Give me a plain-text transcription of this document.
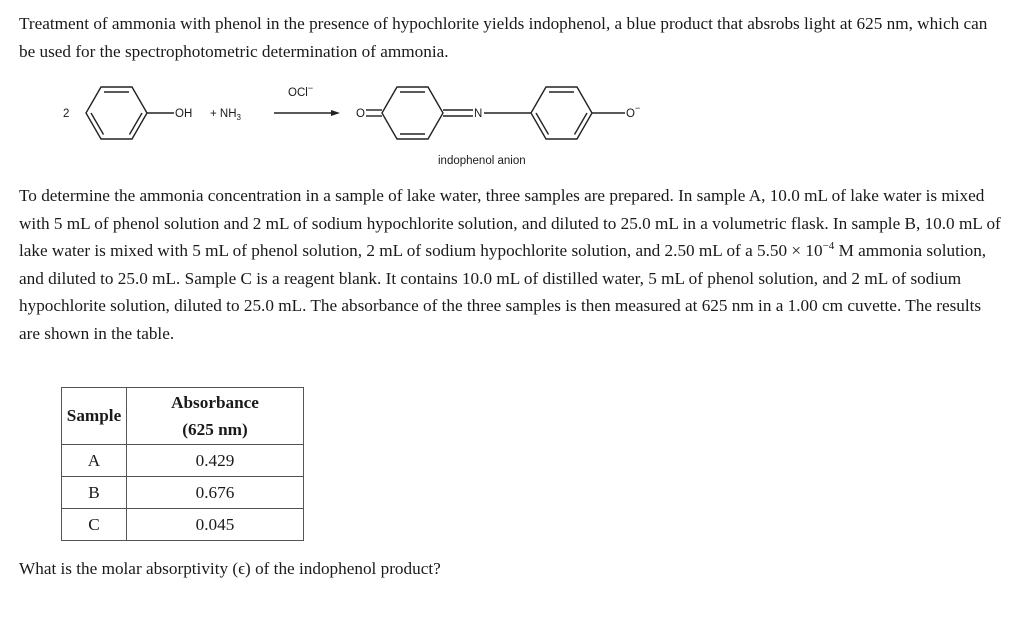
Treatment of ammonia with phenol in the presence of hypochlorite yields indophenol, a blue product that absrobs light at 625 nm, which can be used for the spectrophotometric determination of ammonia.

2	OH + $NH_3$
OCl−
O	N	O−
indophenol anion

To determine the ammonia concentration in a sample of lake water, three samples are prepared. In sample A, 10.0 mL of lake water is mixed with 5 mL of phenol solution and 2 mL of sodium hypochlorite solution, and diluted to 25.0 mL in a volumetric flask. In sample B, 10.0 mL of lake water is mixed with 5 mL of phenol solution, 2 mL of sodium hypochlorite solution, and 2.50 mL of a $5.50 \times 10^{-4}$ M ammonia solution, and diluted to 25.0 mL. Sample C is a reagent blank. It contains 10.0 mL of distilled water, 5 mL of phenol solution, and 2 mL of sodium hypochlorite solution, diluted to 25.0 mL. The absorbance of the three samples is then measured at 625 nm in a 1.00 cm cuvette. The results are shown in the table.

Sample	Absorbance
(625 nm)
A	0.429
B	0.676
C	0.045

What is the molar absorptivity (ϵ) of the indophenol product?
